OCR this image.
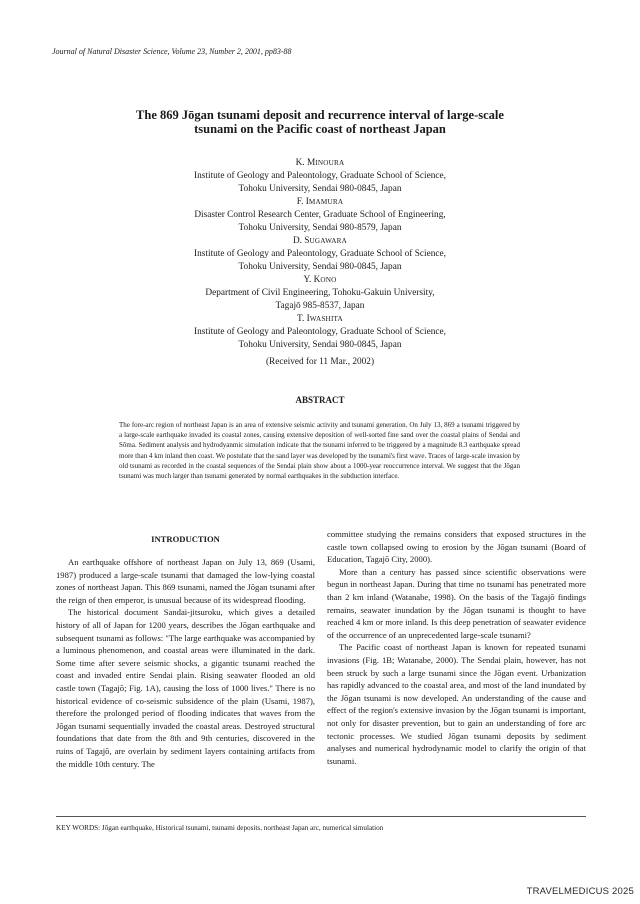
Journal of Natural Disaster Science, Volume 23, Number 2, 2001, pp83-88
The 869 Jōgan tsunami deposit and recurrence interval of large-scale
tsunami on the Pacific coast of northeast Japan
K. MINOURA
Institute of Geology and Paleontology, Graduate School of Science,
Tohoku University, Sendai 980-0845, Japan
F. IMAMURA
Disaster Control Research Center, Graduate School of Engineering,
Tohoku University, Sendai 980-8579, Japan
D. SUGAWARA
Institute of Geology and Paleontology, Graduate School of Science,
Tohoku University, Sendai 980-0845, Japan
Y. KONO
Department of Civil Engineering, Tohoku-Gakuin University,
Tagajō 985-8537, Japan
T. IWASHITA
Institute of Geology and Paleontology, Graduate School of Science,
Tohoku University, Sendai 980-0845, Japan
(Received for 11 Mar., 2002)
ABSTRACT
The fore-arc region of northeast Japan is an area of extensive seismic activity and tsunami generation. On July 13, 869 a tsunami triggered by a large-scale earthquake invaded its coastal zones, causing extensive deposition of well-sorted fine sand over the coastal plains of Sendai and Sōma. Sediment analysis and hydrodyanmic simulation indicate that the tsunami inferred to be triggered by a magnitude 8.3 earthquake spread more than 4 km inland then coast. We postulate that the sand layer was developed by the tsunami's first wave. Traces of large-scale invasion by old tsunami as recorded in the coastal sequences of the Sendai plain show about a 1000-year reoccurrence interval. We suggest that the Jōgan tsunami was much larger than tsunami generated by normal earthquakes in the subduction interface.
INTRODUCTION

An earthquake offshore of northeast Japan on July 13, 869 (Usami, 1987) produced a large-scale tsunami that damaged the low-lying coastal zones of northeast Japan. This 869 tsunami, named the Jōgan tsunami after the reign of then emperor, is unusual because of its widespread flooding.

The historical document Sandai-jitsuroku, which gives a detailed history of all of Japan for 1200 years, describes the Jōgan earthquake and subsequent tsunami as follows: "The large earthquake was accompanied by a luminous phenomenon, and coastal areas were illuminated in the dark. Some time after severe seismic shocks, a gigantic tsunami reached the coast and invaded entire Sendai plain. Rising seawater flooded an old castle town (Tagajō; Fig. 1A), causing the loss of 1000 lives." There is no historical evidence of co-seismic subsidence of the plain (Usami, 1987), therefore the prolonged period of flooding indicates that waves from the Jōgan tsunami sequentially invaded the coastal areas. Destroyed structural foundations that date from the 8th and 9th centuries, discovered in the ruins of Tagajō, are overlain by sediment layers containing artifacts from the middle 10th century. The

committee studying the remains considers that exposed structures in the castle town collapsed owing to erosion by the Jōgan tsunami (Board of Education, Tagajō City, 2000).

More than a century has passed since scientific observations were begun in northeast Japan. During that time no tsunami has penetrated more than 2 km inland (Watanabe, 1998). On the basis of the Tagajō findings remains, seawater inundation by the Jōgan tsunami is thought to have reached 4 km or more inland. Is this deep penetration of seawater evidence of the occurrence of an unprecedented large-scale tsunami?

The Pacific coast of northeast Japan is known for repeated tsunami invasions (Fig. 1B; Watanabe, 2000). The Sendai plain, however, has not been struck by such a large tsunami since the Jōgan event. Urbanization has rapidly advanced to the coastal area, and most of the land inundated by the Jōgan tsunami is now developed. An understanding of the cause and effect of the region's extensive invasion by the Jōgan tsunami is important, not only for disaster prevention, but to gain an understanding of fore arc tectonic processes. We studied Jōgan tsunami deposits by sediment analyses and numerical hydrodynamic model to clarify the origin of that tsunami.

KEY WORDS: Jōgan earthquake, Historical tsunami, tsunami deposits, northeast Japan arc, numerical simulation
TRAVELMEDICUS 2025
